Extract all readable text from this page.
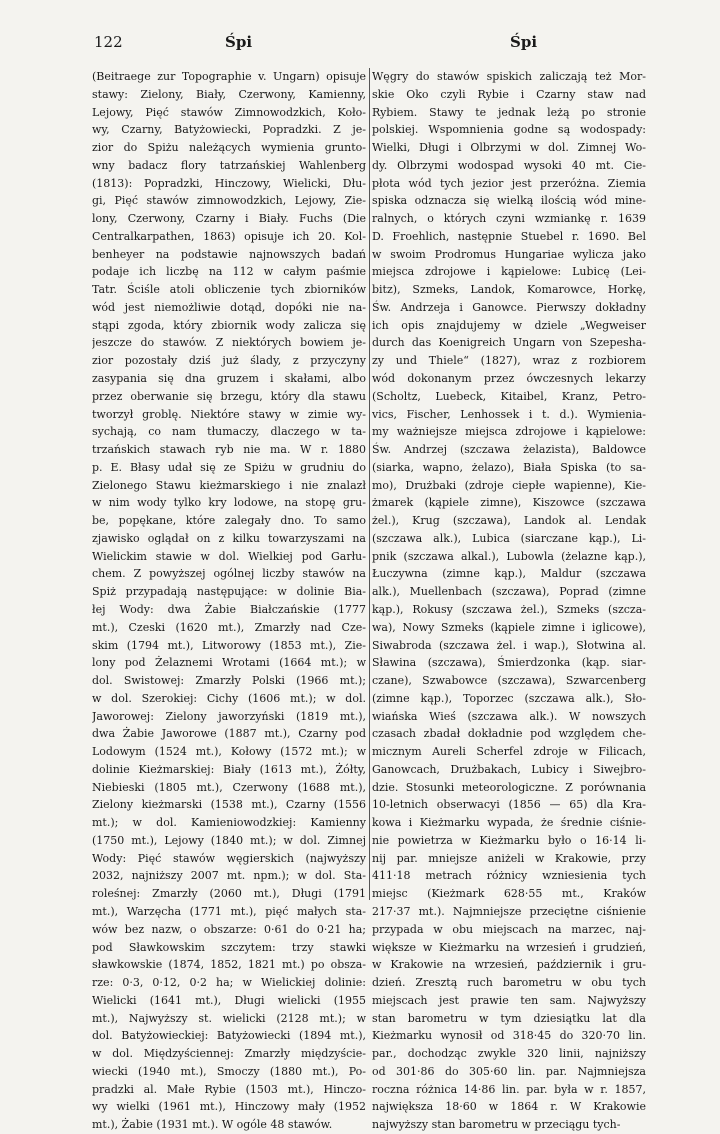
122	Śpi	Śpi
(Beitraege zur Topographie v. Ungarn) opisuje
stawy: Zielony, Biały, Czerwony, Kamienny,
Lejowy, Pięć stawów Zimnowodzkich, Koło-
wy, Czarny, Batyżowiecki, Popradzki. Z je-
zior do Spiżu należących wymienia grunto-
wny badacz flory tatrzańskiej Wahlenberg
(1813): Popradzki, Hinczowy, Wielicki, Dłu-
gi, Pięć stawów zimnowodzkich, Lejowy, Zie-
lony, Czerwony, Czarny i Biały. Fuchs (Die
Centralkarpathen, 1863) opisuje ich 20. Kol-
benheyer na podstawie najnowszych badań
podaje ich liczbę na 112 w całym paśmie
Tatr. Ściśle atoli obliczenie tych zbiorników
wód jest niemożliwie dotąd, dopóki nie na-
stąpi zgoda, który zbiornik wody zalicza się
jeszcze do stawów. Z niektórych bowiem je-
zior pozostały dziś już ślady, z przyczyny
zasypania się dna gruzem i skałami, albo
przez oberwanie się brzegu, który dla stawu
tworzył groblę. Niektóre stawy w zimie wy-
sychają, co nam tłumaczy, dlaczego w ta-
trzańskich stawach ryb nie ma. W r. 1880
p. E. Błasy udał się ze Spiżu w grudniu do
Zielonego Stawu kieżmarskiego i nie znalazł
w nim wody tylko kry lodowe, na stopę gru-
be, popękane, które zalegały dno. To samo
zjawisko oglądał on z kilku towarzyszami na
Wielickim stawie w dol. Wielkiej pod Garłu-
chem. Z powyższej ogólnej liczby stawów na
Spiż przypadają następujące: w dolinie Bia-
łej Wody: dwa Żabie Białczańskie (1777
mt.), Czeski (1620 mt.), Zmarzły nad Cze-
skim (1794 mt.), Litworowy (1853 mt.), Zie-
lony pod Żelaznemi Wrotami (1664 mt.); w
dol. Swistowej: Zmarzły Polski (1966 mt.);
w dol. Szerokiej: Cichy (1606 mt.); w dol.
Jaworowej: Zielony jaworzyński (1819 mt.),
dwa Żabie Jaworowe (1887 mt.), Czarny pod
Lodowym (1524 mt.), Kołowy (1572 mt.); w
dolinie Kieżmarskiej: Biały (1613 mt.), Żółty,
Niebieski (1805 mt.), Czerwony (1688 mt.),
Zielony kieżmarski (1538 mt.), Czarny (1556
mt.); w dol. Kamieniowodzkiej: Kamienny
(1750 mt.), Lejowy (1840 mt.); w dol. Zimnej
Wody: Pięć stawów węgierskich (najwyższy
2032, najniższy 2007 mt. npm.); w dol. Sta-
roleśnej: Zmarzły (2060 mt.), Długi (1791
mt.), Warzęcha (1771 mt.), pięć małych sta-
wów bez nazw, o obszarze: 0·61 do 0·21 ha;
pod Sławkowskim szczytem: trzy stawki
sławkowskie (1874, 1852, 1821 mt.) po obsza-
rze: 0·3, 0·12, 0·2 ha; w Wielickiej dolinie:
Wielicki (1641 mt.), Długi wielicki (1955
mt.), Najwyższy st. wielicki (2128 mt.); w
dol. Batyżowieckiej: Batyżowiecki (1894 mt.),
w dol. Międzyściennej: Zmarzły międzyście-
wiecki (1940 mt.), Smoczy (1880 mt.), Po-
pradzki al. Małe Rybie (1503 mt.), Hinczo-
wy wielki (1961 mt.), Hinczowy mały (1952
mt.), Żabie (1931 mt.). W ogóle 48 stawów.
Węgry do stawów spiskich zaliczają też Mor-
skie Oko czyli Rybie i Czarny staw nad
Rybiem. Stawy te jednak leżą po stronie
polskiej. Wspomnienia godne są wodospady:
Wielki, Długi i Olbrzymi w dol. Zimnej Wo-
dy. Olbrzymi wodospad wysoki 40 mt. Cie-
płota wód tych jezior jest przeróżna. Ziemia
spiska odznacza się wielką ilością wód mine-
ralnych, o których czyni wzmiankę r. 1639
D. Froehlich, następnie Stuebel r. 1690. Bel
w swoim Prodromus Hungariae wylicza jako
miejsca zdrojowe i kąpielowe: Lubicę (Lei-
bitz), Szmeks, Landok, Komarowce, Horkę,
Św. Andrzeja i Ganowce. Pierwszy dokładny
ich opis znajdujemy w dziele „Wegweiser
durch das Koenigreich Ungarn von Szepesha-
zy und Thiele“ (1827), wraz z rozbiorem
wód dokonanym przez ówczesnych lekarzy
(Scholtz, Luebeck, Kitaibel, Kranz, Petro-
vics, Fischer, Lenhossek i t. d.). Wymienia-
my ważniejsze miejsca zdrojowe i kąpielowe:
Św. Andrzej (szczawa żelazista), Baldowce
(siarka, wapno, żelazo), Biała Spiska (to sa-
mo), Drużbaki (zdroje ciepłe wapienne), Kie-
żmarek (kąpiele zimne), Kiszowce (szczawa
żel.), Krug (szczawa), Landok al. Lendak
(szczawa alk.), Lubica (siarczane kąp.), Li-
pnik (szczawa alkal.), Lubowla (żelazne kąp.),
Łuczywna (zimne kąp.), Maldur (szczawa
alk.), Muellenbach (szczawa), Poprad (zimne
kąp.), Rokusy (szczawa żel.), Szmeks (szcza-
wa), Nowy Szmeks (kąpiele zimne i iglicowe),
Siwabroda (szczawa żel. i wap.), Słotwina al.
Sławina (szczawa), Śmierdzonka (kąp. siar-
czane), Szwabowce (szczawa), Szwarcenberg
(zimne kąp.), Toporzec (szczawa alk.), Sło-
wiańska Wieś (szczawa alk.). W nowszych
czasach zbadał dokładnie pod względem che-
micznym Aureli Scherfel zdroje w Filicach,
Ganowcach, Drużbakach, Lubicy i Siwejbro-
dzie. Stosunki meteorologiczne. Z porównania
10-letnich obserwacyi (1856 — 65) dla Kra-
kowa i Kieżmarku wypada, że średnie ciśnie-
nie powietrza w Kieżmarku było o 16·14 li-
nij par. mniejsze aniżeli w Krakowie, przy
411·18 metrach różnicy wzniesienia tych
miejsc (Kieżmark 628·55 mt., Kraków
217·37 mt.). Najmniejsze przeciętne ciśnienie
przypada w obu miejscach na marzec, naj-
większe w Kieżmarku na wrzesień i grudzień,
w Krakowie na wrzesień, październik i gru-
dzień. Zresztą ruch barometru w obu tych
miejscach jest prawie ten sam. Najwyższy
stan barometru w tym dziesiątku lat dla
Kieżmarku wynosił od 318·45 do 320·70 lin.
par., dochodząc zwykle 320 linii, najniższy
od 301·86 do 305·60 lin. par. Najmniejsza
roczna różnica 14·86 lin. par. była w r. 1857,
największa 18·60 w 1864 r. W Krakowie
najwyższy stan barometru w przeciągu tych-
